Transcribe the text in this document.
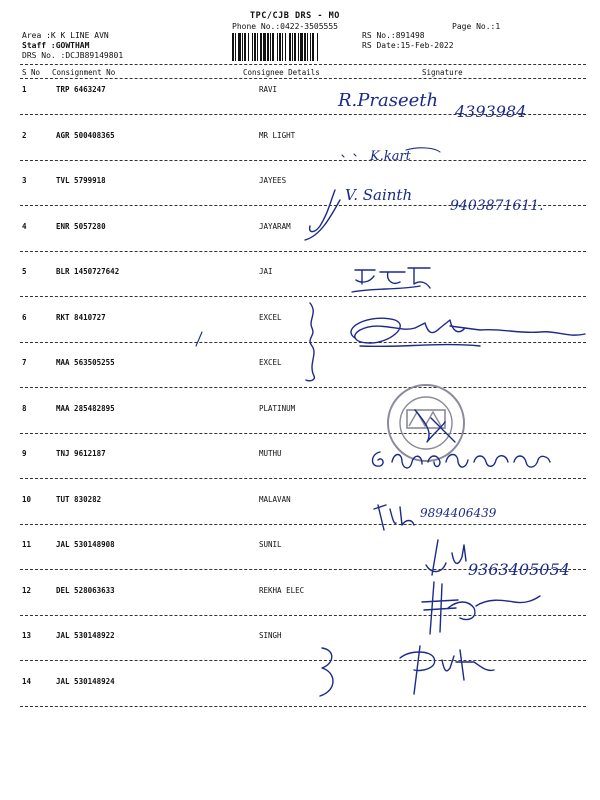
TPC/CJB DRS - MO
Phone No.:0422-3505555	Page No.:1
Area :K K LINE AVN
Staff :GOWTHAM
DRS No. :DCJB89149801
RS No.:891498
RS Date:15-Feb-2022
S No Consignment No	Consignee Details	Signature
1	TRP 6463247	RAVI
2	AGR 500408365	MR LIGHT
3	TVL 5799918	JAYEES
4	ENR 5057280	JAYARAM
5	BLR 1450727642	JAI
6	RKT 8410727	EXCEL
7	MAA 563505255	EXCEL
8	MAA 285482895	PLATINUM
9	TNJ 9612187	MUTHU
10	TUT 830282	MALAVAN
11	JAL 530148908	SUNIL
12	DEL 528063633	REKHA ELEC
13	JAL 530148922	SINGH
14	JAL 530148924
R.Praseeth
4393984
K.kart
V. Sainth
9403871611.
9894406439
9363405054
